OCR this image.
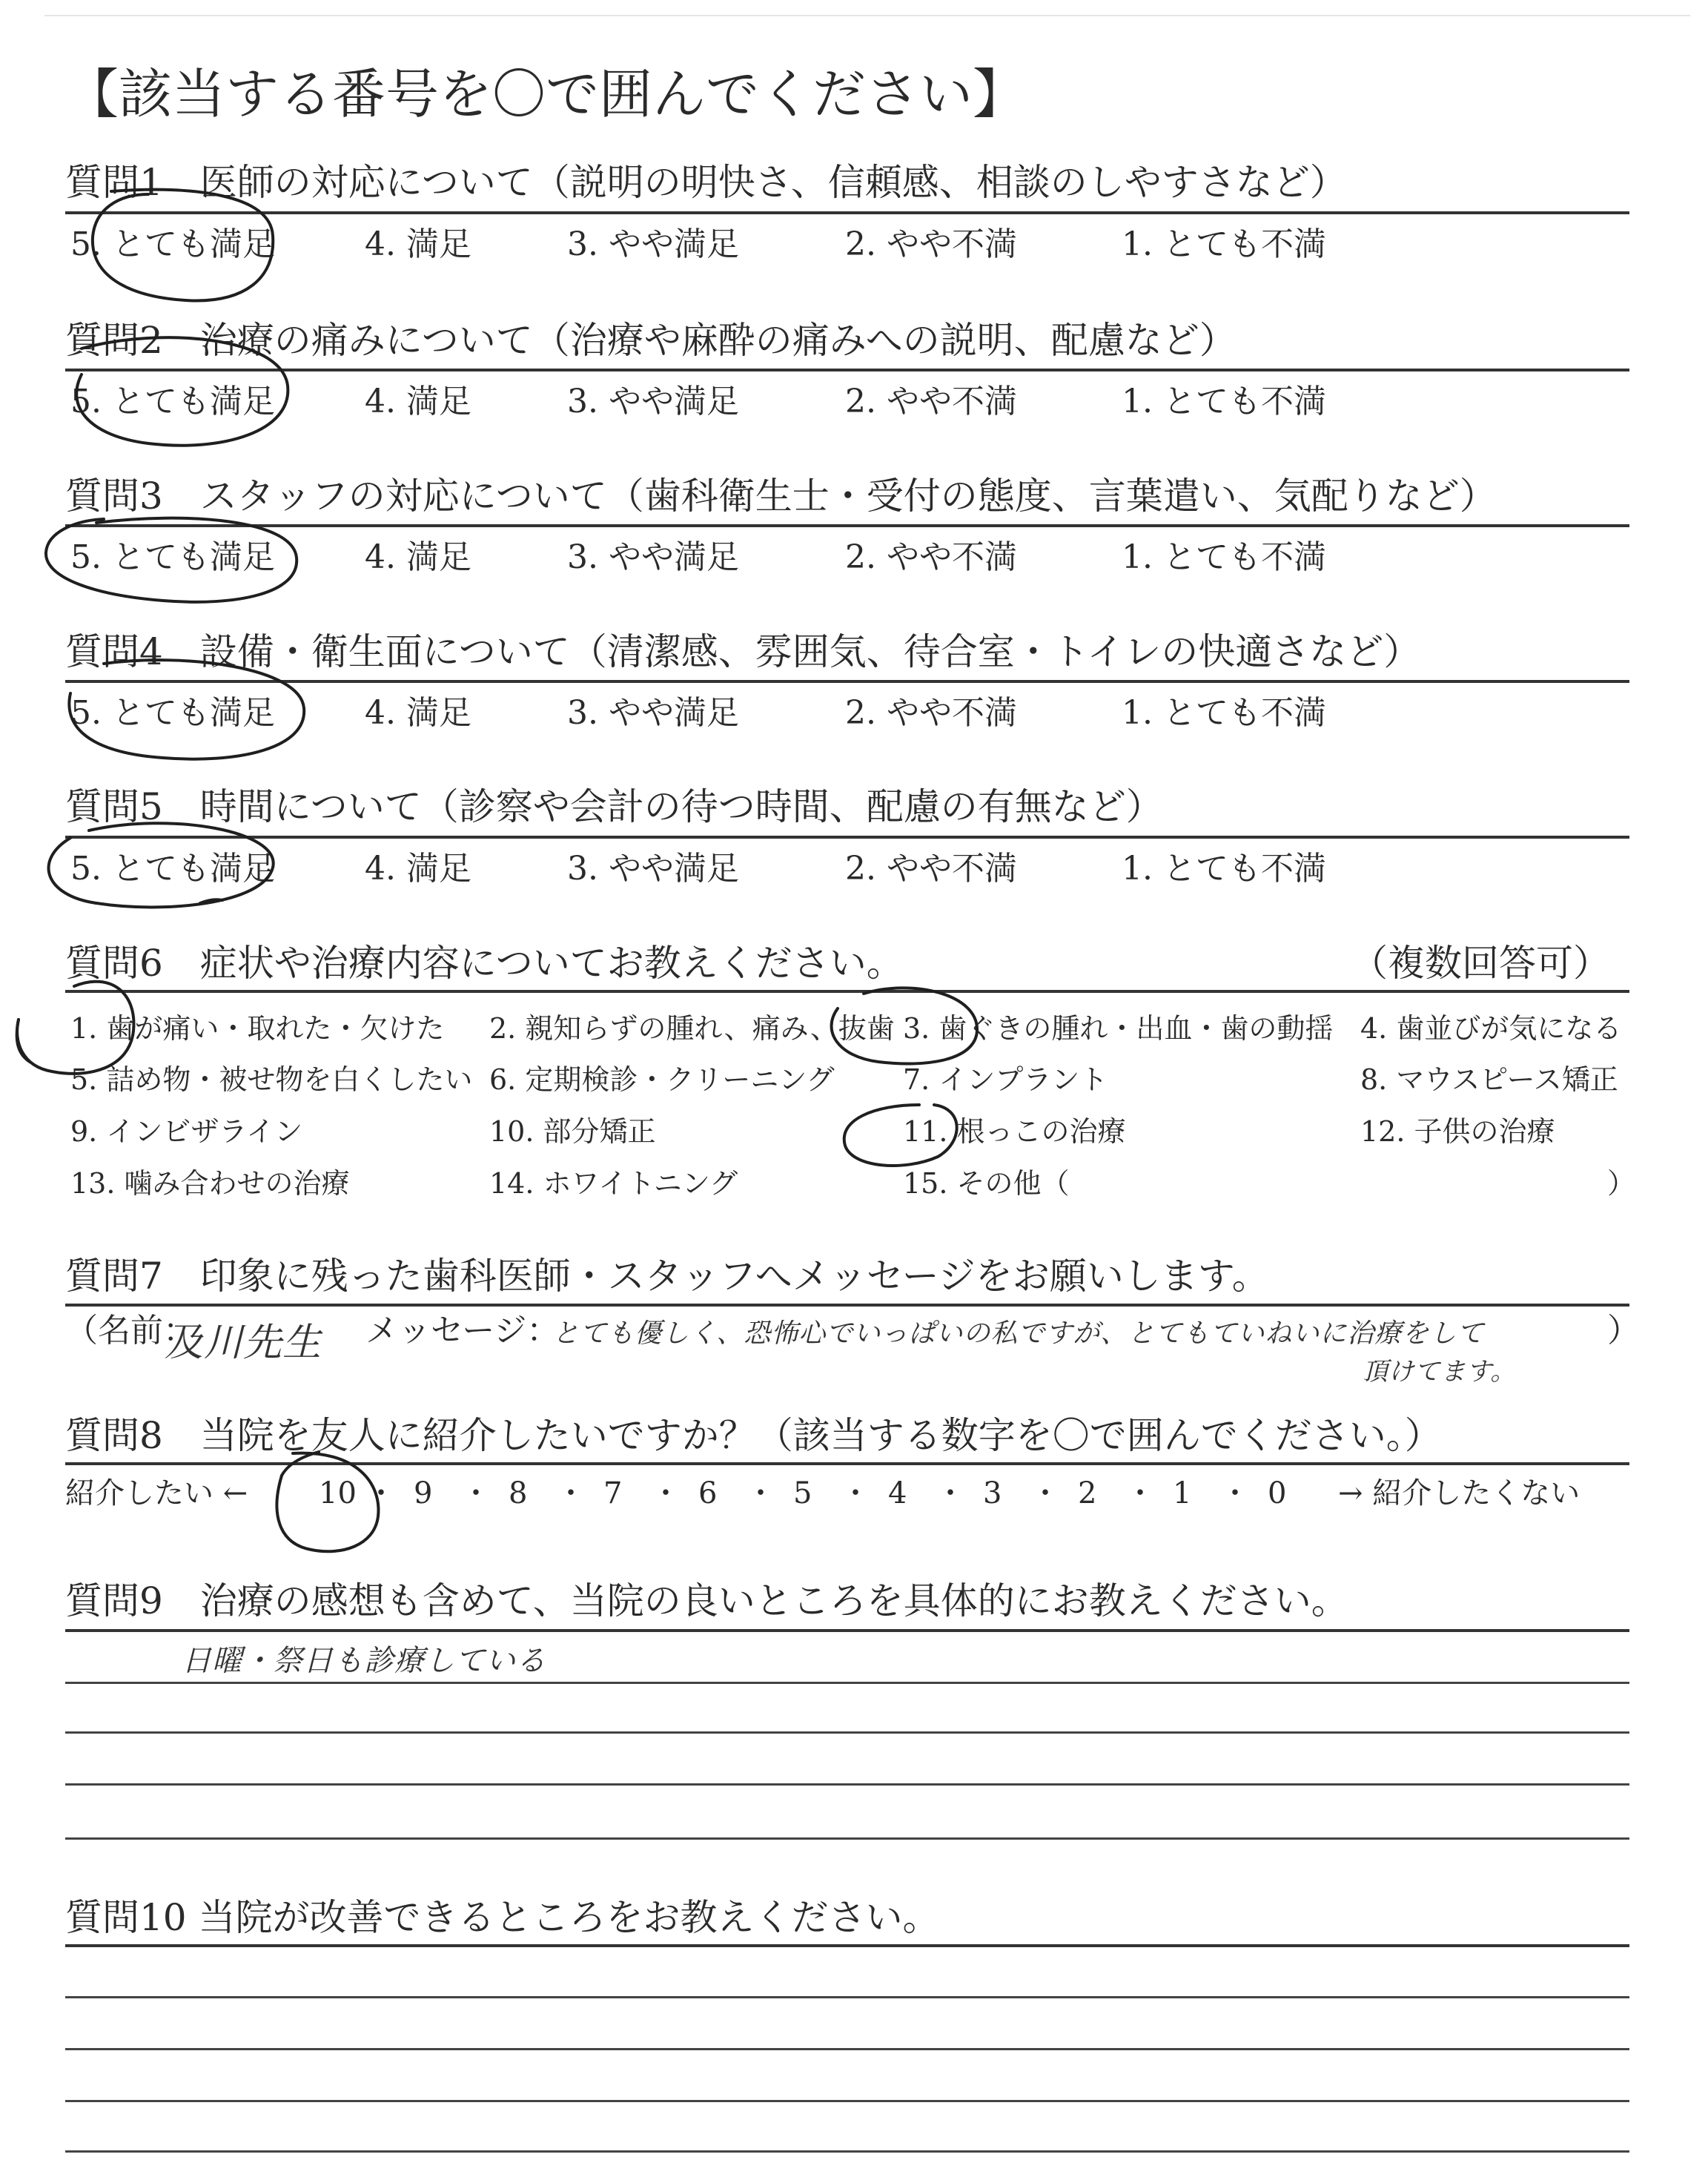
【該当する番号を〇で囲んでください】
質問1　医師の対応について（説明の明快さ、信頼感、相談のしやすさなど）
5. とても満足	4. 満足	3. やや満足	2. やや不満	1. とても不満
質問2　治療の痛みについて（治療や麻酔の痛みへの説明、配慮など）
5. とても満足	4. 満足	3. やや満足	2. やや不満	1. とても不満
質問3　スタッフの対応について（歯科衛生士・受付の態度、言葉遣い、気配りなど）
5. とても満足	4. 満足	3. やや満足	2. やや不満	1. とても不満
質問4　設備・衛生面について（清潔感、雰囲気、待合室・トイレの快適さなど）
5. とても満足	4. 満足	3. やや満足	2. やや不満	1. とても不満
質問5　時間について（診察や会計の待つ時間、配慮の有無など）
5. とても満足	4. 満足	3. やや満足	2. やや不満	1. とても不満
質問6　症状や治療内容についてお教えください。	（複数回答可）
1. 歯が痛い・取れた・欠けた 2. 親知らずの腫れ、痛み、抜歯 3. 歯ぐきの腫れ・出血・歯の動揺 4. 歯並びが気になる
5. 詰め物・被せ物を白くしたい 6. 定期検診・クリーニング 7. インプラント	8. マウスピース矯正
9. インビザライン	10. 部分矯正	11. 根っこの治療	12. 子供の治療
13. 噛み合わせの治療	14. ホワイトニング	15. その他（	）
質問7　印象に残った歯科医師・スタッフへメッセージをお願いします。
（名前：
及川先生 メッセージ：
とても優しく、恐怖心でいっぱいの私ですが、とてもていねいに治療をして
頂けてます。
）
質問8　当院を友人に紹介したいですか？（該当する数字を〇で囲んでください。）
紹介したい ←	→ 紹介したくない
質問9　治療の感想も含めて、当院の良いところを具体的にお教えください。
日曜・祭日も診療している
質問10 当院が改善できるところをお教えください。
10 ・ 9 ・ 8 ・ 7 ・ 6 ・ 5 ・ 4 ・ 3 ・ 2 ・ 1 ・ 0
